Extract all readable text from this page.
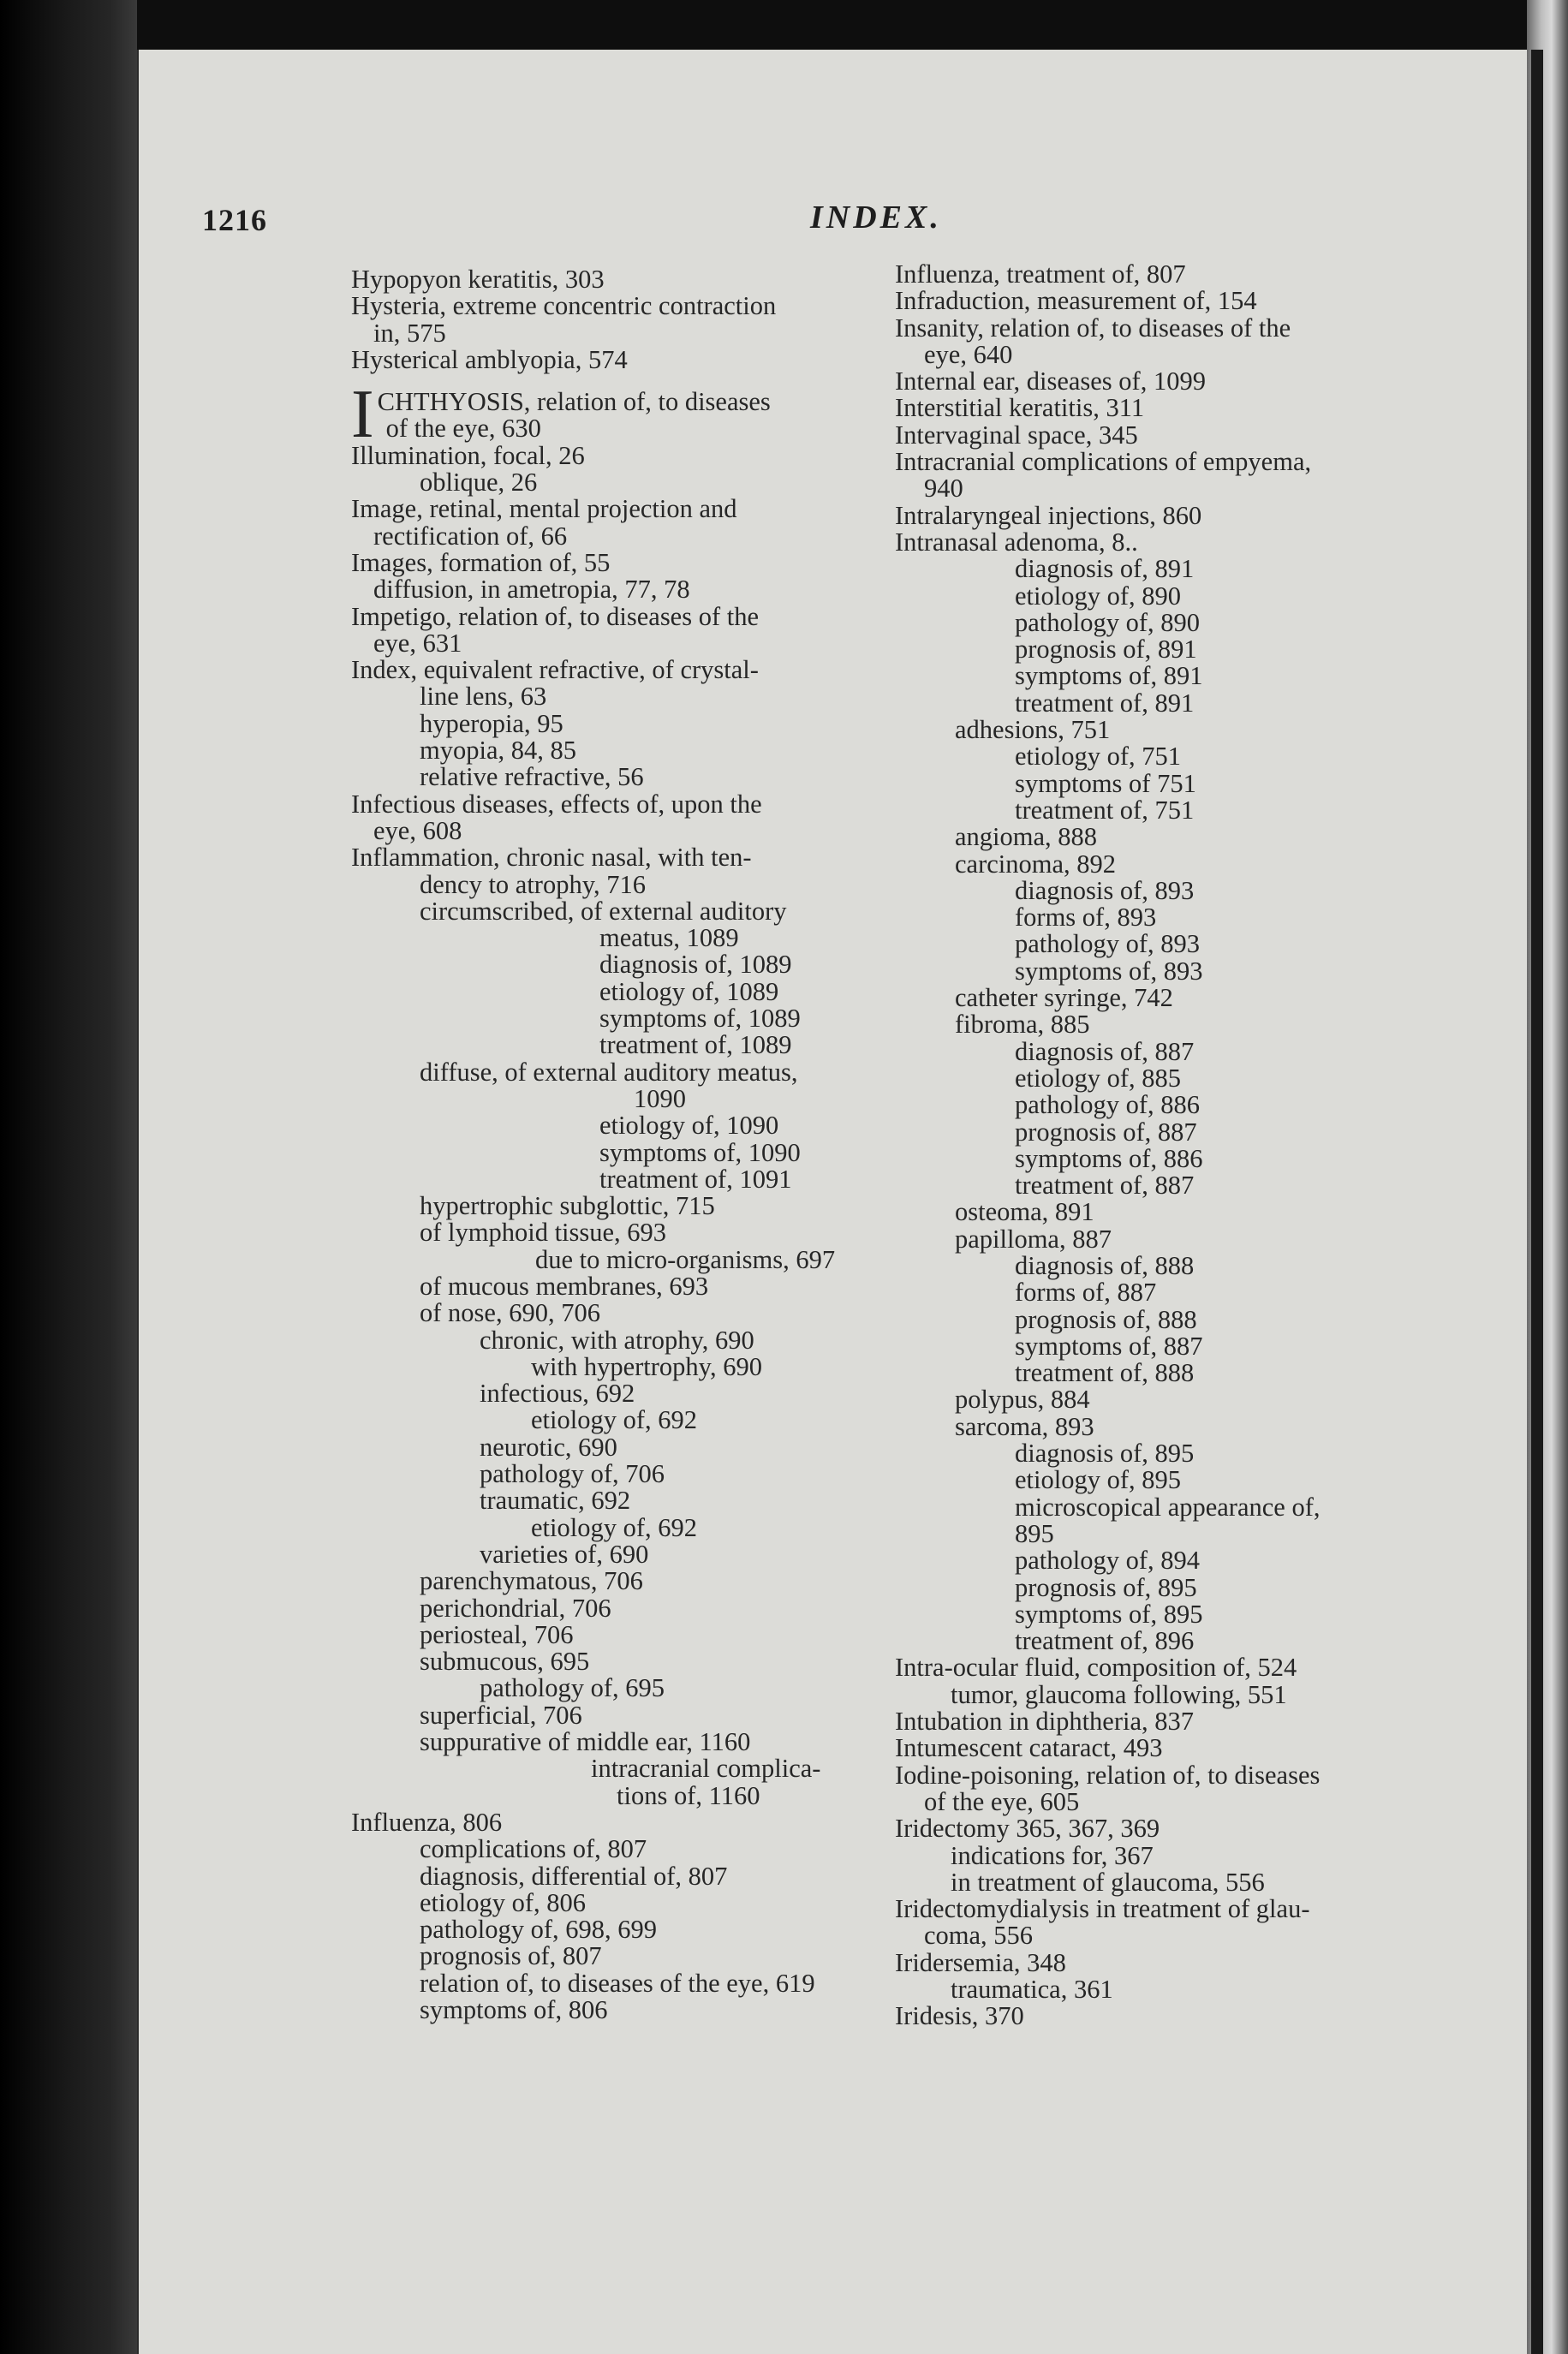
1216	INDEX.
Hypopyon keratitis, 303
Hysteria, extreme concentric contraction
in, 575
Hysterical amblyopia, 574
I CHTHYOSIS, relation of, to diseases
of the eye, 630
Illumination, focal, 26
oblique, 26
Image, retinal, mental projection and
rectification of, 66
Images, formation of, 55
diffusion, in ametropia, 77, 78
Impetigo, relation of, to diseases of the
eye, 631
Index, equivalent refractive, of crystal-
line lens, 63
hyperopia, 95
myopia, 84, 85
relative refractive, 56
Infectious diseases, effects of, upon the
eye, 608
Inflammation, chronic nasal, with ten-
dency to atrophy, 716
circumscribed, of external auditory
meatus, 1089
diagnosis of, 1089
etiology of, 1089
symptoms of, 1089
treatment of, 1089
diffuse, of external auditory meatus,
1090
etiology of, 1090
symptoms of, 1090
treatment of, 1091
hypertrophic subglottic, 715
of lymphoid tissue, 693
due to micro-organisms, 697
of mucous membranes, 693
of nose, 690, 706
chronic, with atrophy, 690
with hypertrophy, 690
infectious, 692
etiology of, 692
neurotic, 690
pathology of, 706
traumatic, 692
etiology of, 692
varieties of, 690
parenchymatous, 706
perichondrial, 706
periosteal, 706
submucous, 695
pathology of, 695
superficial, 706
suppurative of middle ear, 1160
intracranial complica-
tions of, 1160
Influenza, 806
complications of, 807
diagnosis, differential of, 807
etiology of, 806
pathology of, 698, 699
prognosis of, 807
relation of, to diseases of the eye, 619
symptoms of, 806
Influenza, treatment of, 807
Infraduction, measurement of, 154
Insanity, relation of, to diseases of the
eye, 640
Internal ear, diseases of, 1099
Interstitial keratitis, 311
Intervaginal space, 345
Intracranial complications of empyema,
940
Intralaryngeal injections, 860
Intranasal adenoma, 8..
diagnosis of, 891
etiology of, 890
pathology of, 890
prognosis of, 891
symptoms of, 891
treatment of, 891
adhesions, 751
etiology of, 751
symptoms of 751
treatment of, 751
angioma, 888
carcinoma, 892
diagnosis of, 893
forms of, 893
pathology of, 893
symptoms of, 893
catheter syringe, 742
fibroma, 885
diagnosis of, 887
etiology of, 885
pathology of, 886
prognosis of, 887
symptoms of, 886
treatment of, 887
osteoma, 891
papilloma, 887
diagnosis of, 888
forms of, 887
prognosis of, 888
symptoms of, 887
treatment of, 888
polypus, 884
sarcoma, 893
diagnosis of, 895
etiology of, 895
microscopical appearance of,
895
pathology of, 894
prognosis of, 895
symptoms of, 895
treatment of, 896
Intra-ocular fluid, composition of, 524
tumor, glaucoma following, 551
Intubation in diphtheria, 837
Intumescent cataract, 493
Iodine-poisoning, relation of, to diseases
of the eye, 605
Iridectomy 365, 367, 369
indications for, 367
in treatment of glaucoma, 556
Iridectomydialysis in treatment of glau-
coma, 556
Iridersemia, 348
traumatica, 361
Iridesis, 370
